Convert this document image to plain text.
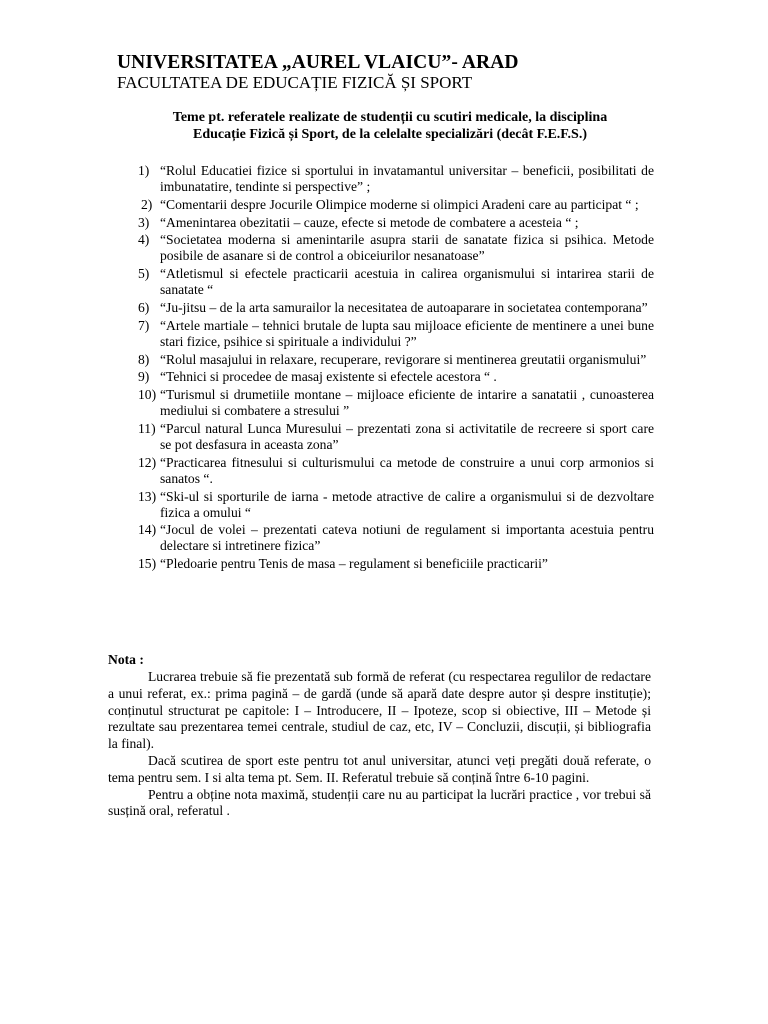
UNIVERSITATEA „AUREL VLAICU”- ARAD
FACULTATEA DE EDUCAȚIE FIZICĂ ȘI SPORT
Teme pt. referatele realizate de studenții cu scutiri medicale, la disciplina
Educație Fizică și Sport, de la celelalte specializări (decât F.E.F.S.)
1) “Rolul Educatiei fizice si sportului in invatamantul universitar – beneficii, posibilitati de imbunatatire, tendinte si perspective” ;
2) “Comentarii despre Jocurile Olimpice moderne si olimpici Aradeni care au participat “ ;
3) “Amenintarea obezitatii – cauze, efecte si metode de combatere a acesteia “ ;
4) “Societatea moderna si amenintarile asupra starii de sanatate fizica si psihica. Metode posibile de asanare si de control a obiceiurilor nesanatoase”
5) “Atletismul si efectele practicarii acestuia in calirea organismului si intarirea starii de sanatate “
6) “Ju-jitsu – de la arta samurailor la necesitatea de autoaparare in societatea contemporana”
7) “Artele martiale – tehnici brutale de lupta sau mijloace eficiente de mentinere a unei bune stari fizice, psihice si spirituale a individului ?”
8) “Rolul masajului in relaxare, recuperare, revigorare si mentinerea greutatii organismului”
9) “Tehnici si procedee de masaj existente si efectele acestora “ .
10) “Turismul si drumetiile montane – mijloace eficiente de intarire a sanatatii , cunoasterea mediului si combatere a stresului ”
11) “Parcul natural Lunca Muresului – prezentati zona si activitatile de recreere si sport care se pot desfasura in aceasta zona”
12) “Practicarea fitnesului si culturismului ca metode de construire a unui corp armonios si sanatos “.
13) “Ski-ul si sporturile de iarna - metode atractive de calire a organismului si de dezvoltare fizica a omului “
14) “Jocul de volei – prezentati cateva notiuni de regulament si importanta acestuia pentru delectare si intretinere fizica”
15) “Pledoarie pentru Tenis de masa – regulament si beneficiile practicarii”
Nota :

Lucrarea trebuie să fie prezentată sub formă de referat (cu respectarea regulilor de redactare a unui referat, ex.: prima pagină – de gardă (unde să apară date despre autor și despre instituție); conținutul structurat pe capitole: I – Introducere, II – Ipoteze, scop si obiective, III – Metode și rezultate sau prezentarea temei centrale, studiul de caz, etc, IV – Concluzii, discuții, și bibliografia la final).

Dacă scutirea de sport este pentru tot anul universitar, atunci veți pregăti două referate, o tema pentru sem. I si alta tema pt. Sem. II. Referatul trebuie să conțină între 6-10 pagini.

Pentru a obține nota maximă, studenții care nu au participat la lucrări practice , vor trebui să susțină oral, referatul .
